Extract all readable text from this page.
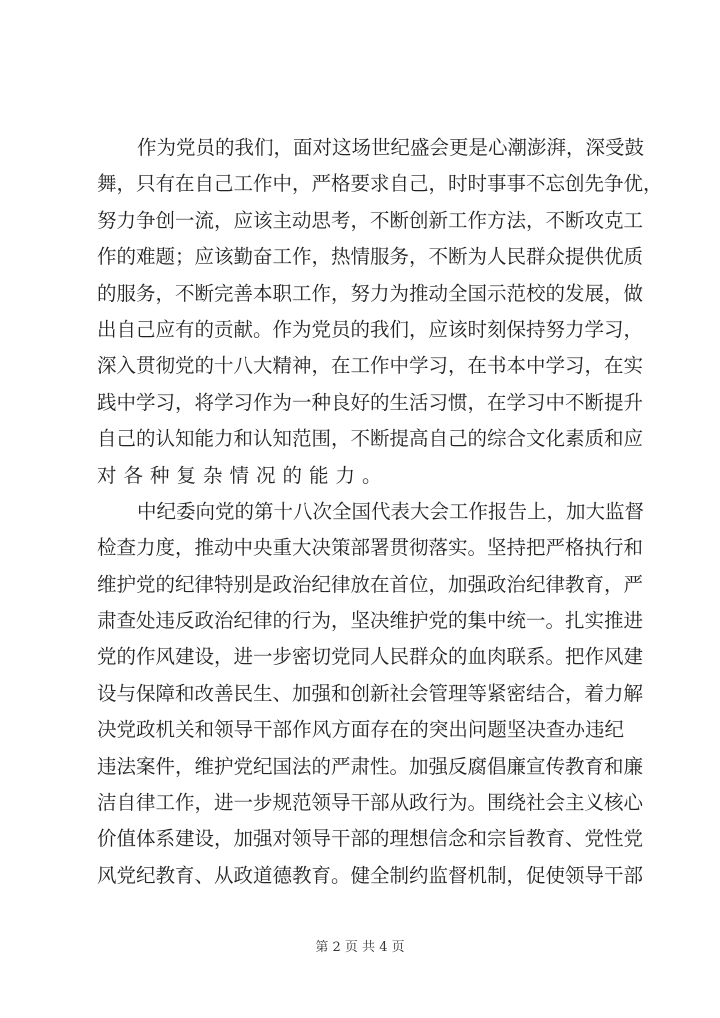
作为党员的我们，面对这场世纪盛会更是心潮澎湃，深受鼓
舞，只有在自己工作中，严格要求自己，时时事事不忘创先争优，
努力争创一流，应该主动思考，不断创新工作方法，不断攻克工
作的难题；应该勤奋工作，热情服务，不断为人民群众提供优质
的服务，不断完善本职工作，努力为推动全国示范校的发展，做
出自己应有的贡献。作为党员的我们，应该时刻保持努力学习，
深入贯彻党的十八大精神，在工作中学习，在书本中学习，在实
践中学习，将学习作为一种良好的生活习惯，在学习中不断提升
自己的认知能力和认知范围，不断提高自己的综合文化素质和应
对各种复杂情况的能力。
中纪委向党的第十八次全国代表大会工作报告上，加大监督
检查力度，推动中央重大决策部署贯彻落实。坚持把严格执行和
维护党的纪律特别是政治纪律放在首位，加强政治纪律教育，严
肃查处违反政治纪律的行为，坚决维护党的集中统一。扎实推进
党的作风建设，进一步密切党同人民群众的血肉联系。把作风建
设与保障和改善民生、加强和创新社会管理等紧密结合，着力解
决党政机关和领导干部作风方面存在的突出问题坚决查办违纪
违法案件，维护党纪国法的严肃性。加强反腐倡廉宣传教育和廉
洁自律工作，进一步规范领导干部从政行为。围绕社会主义核心
价值体系建设，加强对领导干部的理想信念和宗旨教育、党性党
风党纪教育、从政道德教育。健全制约监督机制，促使领导干部
第 2 页 共 4 页
